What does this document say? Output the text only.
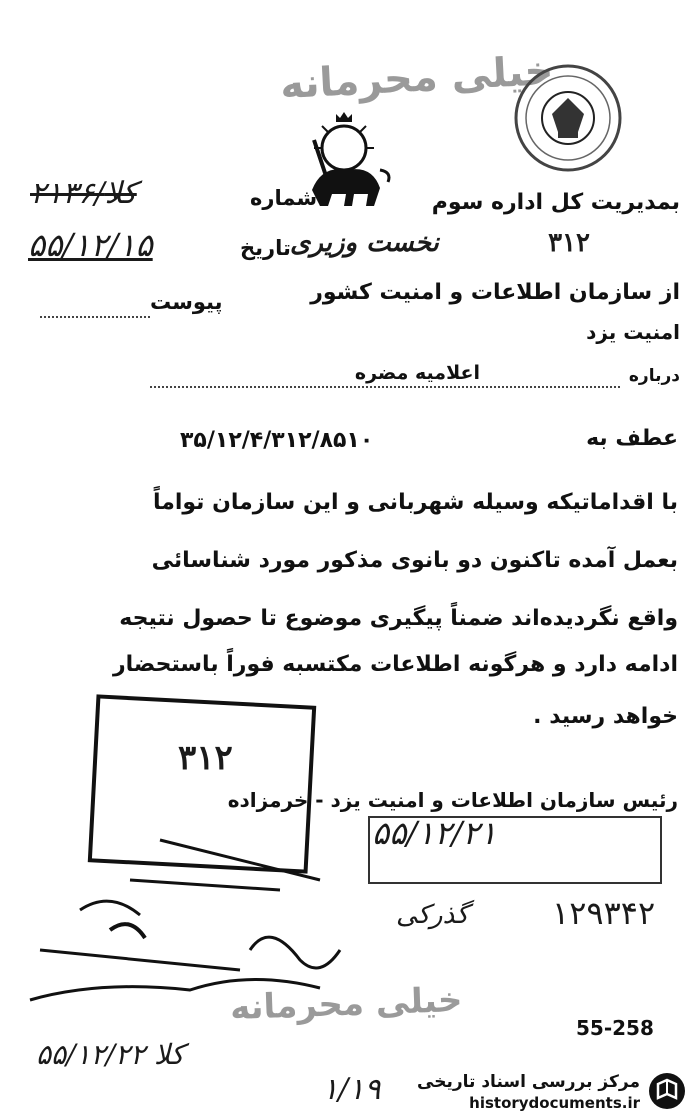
خیلی محرمانه
شماره
۲۱۳۶/کلا
تاریخ
۵۵/۱۲/۱۵
پیوست
بمدیریت کل اداره سوم
۳۱۲
نخست وزیری
از سازمان اطلاعات و امنیت کشور
امنیت یزد
درباره
اعلامیه مضره
عطف به
۳۵/۱۲/۴/۳۱۲/۸۵۱۰
با اقداماتیکه وسیله شهربانی و این سازمان تواماً
بعمل آمده تاکنون دو بانوی مذکور مورد شناسائی
واقع نگردیده‌اند ضمناً پیگیری موضوع تا حصول نتیجه
ادامه دارد و هرگونه اطلاعات مکتسبه فوراً باستحضار
خواهد رسید .
۳۱۲
رئیس سازمان اطلاعات و امنیت یزد - خرمزاده
۵۵/۱۲/۲۱
۱۲۹۳۴۲
گذرکی
خیلی محرمانه
۵۵/۱۲/۲۲ کلا
55-258
۱/۱۹ مرکز بررسی اسناد تاریخی
historydocuments.ir
